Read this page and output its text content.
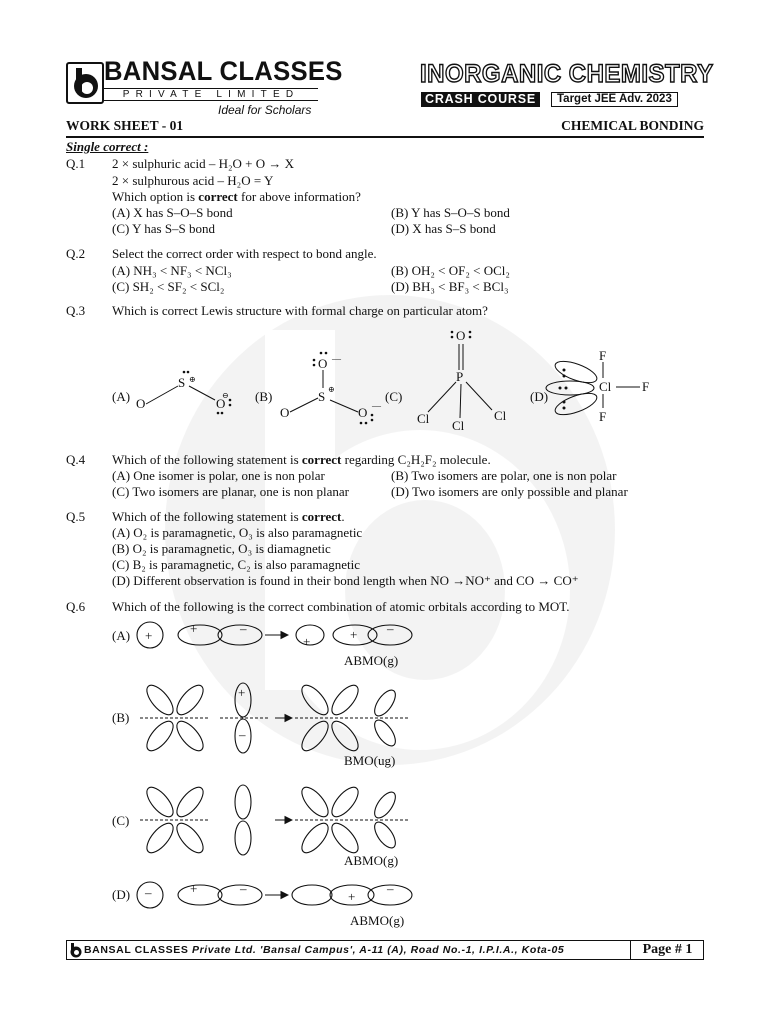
BANSAL CLASSES
PRIVATE LIMITED
Ideal for Scholars
INORGANIC CHEMISTRY
CRASH COURSE	Target JEE Adv. 2023
WORK SHEET - 01	CHEMICAL BONDING
Single correct :
Q.1 2 × sulphuric acid – H₂O + O → X
2 × sulphurous acid – H₂O = Y
Which option is correct for above information?
(A) X has S–O–S bond	(B) Y has S–O–S bond
(C) Y has S–S bond	(D) X has S–S bond
Q.2 Select the correct order with respect to bond angle.
(A) NH₃ < NF₃ < NCl₃	(B) OH₂ < OF₂ < OCl₂
(C) SH₂ < SF₂ < SCl₂	(D) BH₃ < BF₃ < BCl₃
Q.3 Which is correct Lewis structure with formal charge on particular atom?
(A) O
S ⊕
O
⊖ (B)
O
S ⊕
O —
O —
(C)
O
P
Cl Cl
Cl
(D)
Cl
F
F
F
Q.4 Which of the following statement is correct regarding C₂H₂F₂ molecule.
(A) One isomer is polar, one is non polar	(B) Two isomers are polar, one is non polar
(C) Two isomers are planar, one is non planar	(D) Two isomers are only possible and planar
Q.5 Which of the following statement is correct.
(A) O₂ is paramagnetic, O₃ is also paramagnetic
(B) O₂ is paramagnetic, O₃ is diamagnetic
(C) B₂ is paramagnetic, C₂ is also paramagnetic
(D) Different observation is found in their bond length when NO →NO⁺ and CO → CO⁺
Q.6 Which of the following is the correct combination of atomic orbitals according to MOT.
(A) +	+	–
+	+ –
ABMO(g)
(B)
+
–
BMO(ug)
(C)
ABMO(g)
(D) –	+	–
+
–
ABMO(g)
BANSAL CLASSES Private Ltd. 'Bansal Campus', A-11 (A), Road No.-1, I.P.I.A., Kota-05	Page # 1
